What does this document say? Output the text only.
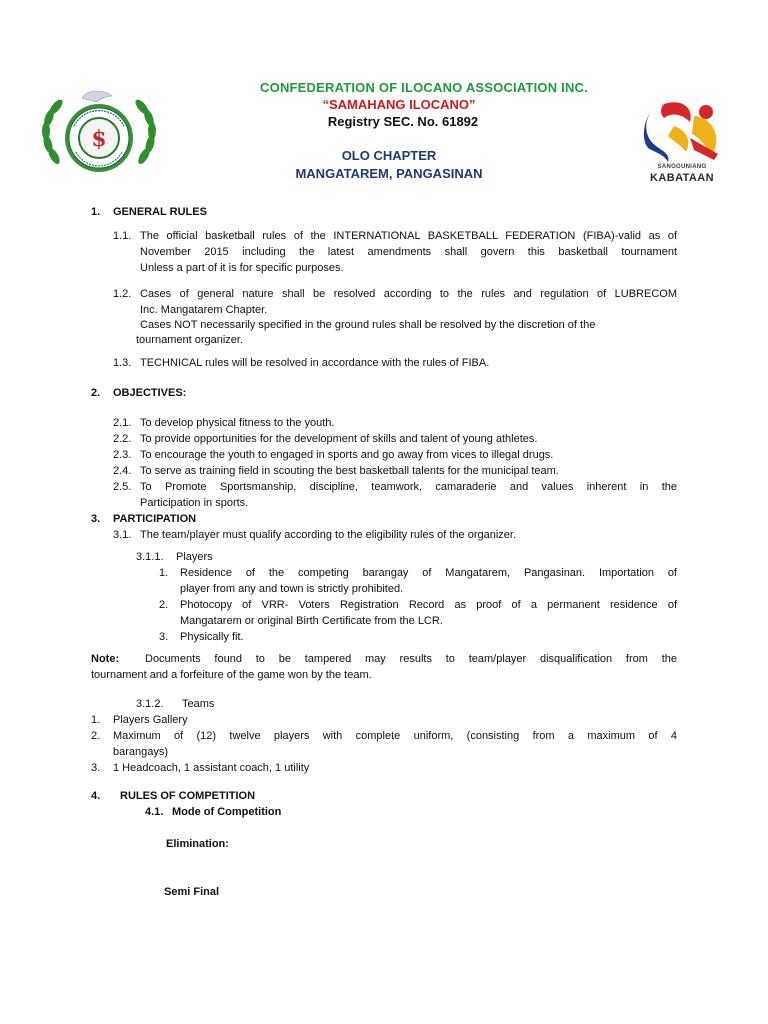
$
CONFEDERATION OF ILOCANO ASSOCIATION INC.
“SAMAHANG ILOCANO”
Registry SEC. No. 61892
OLO CHAPTER
MANGATAREM, PANGASINAN	SANGGUNIANG
KABATAAN
1. GENERAL RULES
1.1. The official basketball rules of the INTERNATIONAL BASKETBALL FEDERATION (FIBA)-valid as of
November 2015 including the latest amendments shall govern this basketball tournament
Unless a part of it is for specific purposes.
1.2. Cases of general nature shall be resolved according to the rules and regulation of LUBRECOM
Inc. Mangatarem Chapter.
Cases NOT necessarily specified in the ground rules shall be resolved by the discretion of the
tournament organizer.
1.3. TECHNICAL rules will be resolved in accordance with the rules of FIBA.
2. OBJECTIVES:
2.1. To develop physical fitness to the youth.
2.2. To provide opportunities for the development of skills and talent of young athletes.
2.3. To encourage the youth to engaged in sports and go away from vices to illegal drugs.
2.4. To serve as training field in scouting the best basketball talents for the municipal team.
2.5. To Promote Sportsmanship, discipline, teamwork, camaraderie and values inherent in the
Participation in sports.
3. PARTICIPATION
3.1. The team/player must qualify according to the eligibility rules of the organizer.
3.1.1. Players
1. Residence of the competing barangay of Mangatarem, Pangasinan. Importation of
player from any and town is strictly prohibited.
2. Photocopy of VRR- Voters Registration Record as proof of a permanent residence of
Mangatarem or original Birth Certificate from the LCR.
3. Physically fit.
Note: Documents found to be tampered may results to team/player disqualification from the
tournament and a forfeiture of the game won by the team.
3.1.2. Teams
1. Players Gallery
2. Maximum of (12) twelve players with complete uniform, (consisting from a maximum of 4
barangays)
3. 1 Headcoach, 1 assistant coach, 1 utility
4. RULES OF COMPETITION
4.1. Mode of Competition
Elimination:
Semi Final
